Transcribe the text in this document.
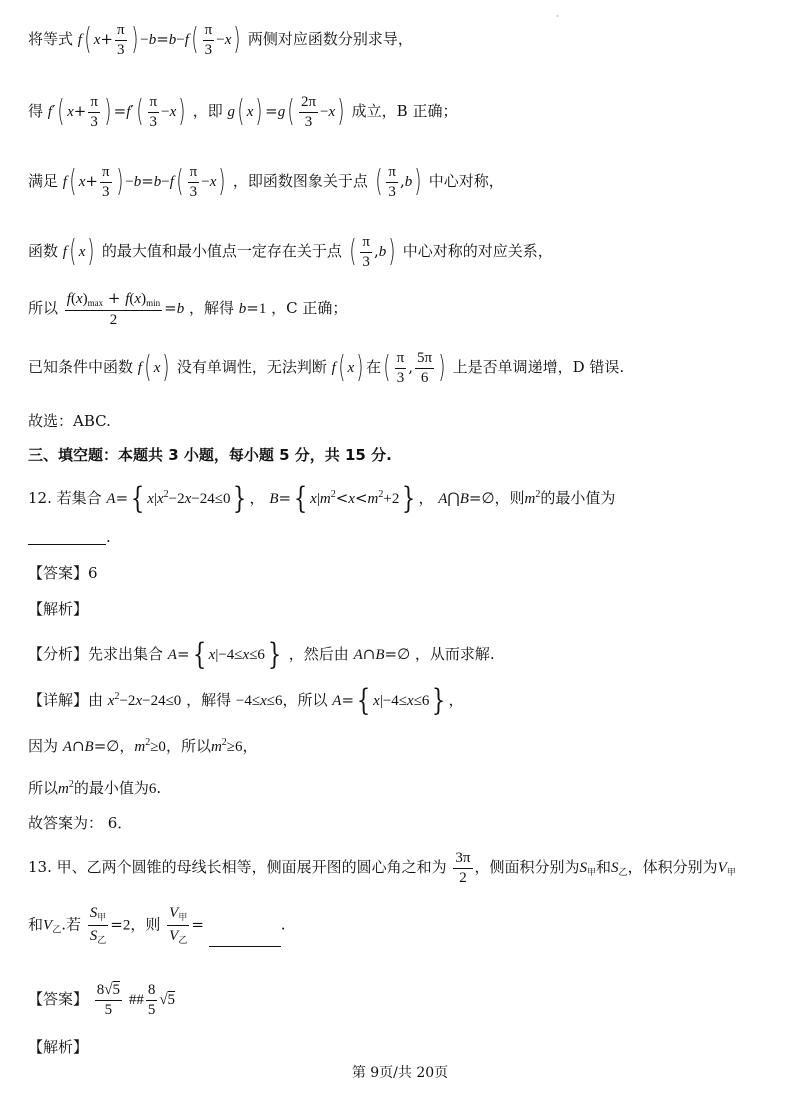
·
将等式 f( $x+ \frac{\pi}{3}$ ) $-b=b-f( \frac{\pi}{3} -x)$ 两侧对应函数分别求导，
得 f′( $x+ \frac{\pi}{3}$ ) $=f'( \frac{\pi}{3} -x)$ ，即 g( $x) =g( \frac{2\pi}{3} -x)$ 成立，B 正确；
满足 f( $x+ \frac{\pi}{3}$ ) $-b=b-f( \frac{\pi}{3} -x)$ ，即函数图象关于点 ( $\frac{\pi}{3} ,b$) 中心对称，
函数 f( x) 的最大值和最小值点一定存在关于点 ( $\frac{\pi}{3} ,b$) 中心对称的对应关系，
所以 $\frac{f(x)_{max} + f(x)_{min}}{2} =b$ ，解得 b=1 ，C 正确；
已知条件中函数 f( x) 没有单调性，无法判断 f( x) 在( $\frac{\pi}{3}$ , $\frac{5\pi}{6}$ ) 上是否单调递增，D 错误.
故选：ABC.
三、填空题：本题共 3 小题，每小题 5 分，共 15 分.
12. 若集合 A={ $x|x^2-2x-24\le 0$} ， B={ $x|m^2<x<m^2+2$} ， A⋂B=∅，则$m^2$的最小值为
.
【答案】6
【解析】
【分析】先求出集合 A={ x|−4≤x≤6} ，然后由 A∩B=∅ ，从而求解.
【详解】由 $x^2-2x-24\le 0$ ，解得 −4≤x≤6，所以 A={ x|−4≤x≤6} ，
因为 A∩B=∅，$m^2\ge 0$，所以$m^2\ge 6$，
所以$m^2$的最小值为6.
故答案为： 6．
13. 甲、乙两个圆锥的母线长相等，侧面展开图的圆心角之和为 $\frac{3\pi}{2}$ ，侧面积分别为$S_甲$和$S_乙$，体积分别为$V_甲$
和$V_乙$.若 $\frac{S_甲}{S_乙} =2$，则 $\frac{V_甲}{V_乙}$ =	.
【答案】 $\frac{8√5}{5}$ ## $\frac{8}{5} √5$
【解析】
第 9页/共 20页
